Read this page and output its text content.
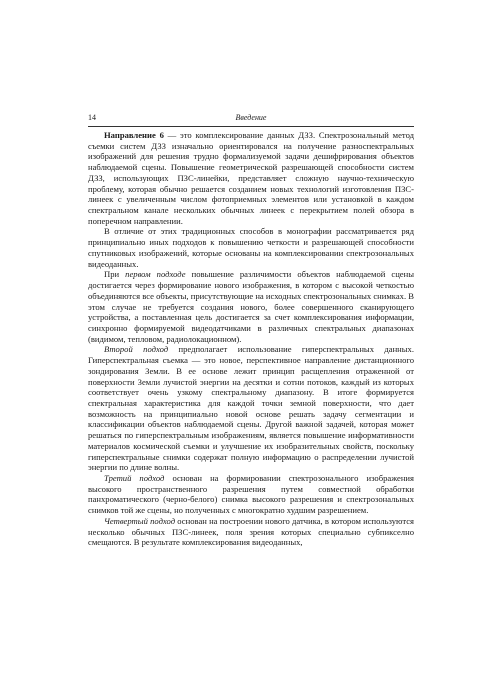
14	Введение

Направление 6 — это комплексирование данных ДЗЗ. Спектрозональный метод съемки систем ДЗЗ изначально ориентировался на получение разноспектральных изображений для решения трудно формализуемой задачи дешифрирования объектов наблюдаемой сцены. Повышение геометрической разрешающей способности систем ДЗЗ, использующих ПЗС-линейки, представляет сложную научно-техническую проблему, которая обычно решается созданием новых технологий изготовления ПЗС-линеек с увеличенным числом фотоприемных элементов или установкой в каждом спектральном канале нескольких обычных линеек с перекрытием полей обзора в поперечном направлении.

В отличие от этих традиционных способов в монографии рассматривается ряд принципиально иных подходов к повышению четкости и разрешающей способности спутниковых изображений, которые основаны на комплексировании спектрозональных видеоданных.

При первом подходе повышение различимости объектов наблюдаемой сцены достигается через формирование нового изображения, в котором с высокой четкостью объединяются все объекты, присутствующие на исходных спектрозональных снимках. В этом случае не требуется создания нового, более совершенного сканирующего устройства, а поставленная цель достигается за счет комплексирования информации, синхронно формируемой видеодатчиками в различных спектральных диапазонах (видимом, тепловом, радиолокационном).

Второй подход предполагает использование гиперспектральных данных. Гиперспектральная съемка — это новое, перспективное направление дистанционного зондирования Земли. В ее основе лежит принцип расщепления отраженной от поверхности Земли лучистой энергии на десятки и сотни потоков, каждый из которых соответствует очень узкому спектральному диапазону. В итоге формируется спектральная характеристика для каждой точки земной поверхности, что дает возможность на принципиально новой основе решать задачу сегментации и классификации объектов наблюдаемой сцены. Другой важной задачей, которая может решаться по гиперспектральным изображениям, является повышение информативности материалов космической съемки и улучшение их изобразительных свойств, поскольку гиперспектральные снимки содержат полную информацию о распределении лучистой энергии по длине волны.

Третий подход основан на формировании спектрозонального изображения высокого пространственного разрешения путем совместной обработки панхроматического (черно-белого) снимка высокого разрешения и спектрозональных снимков той же сцены, но полученных с многократно худшим разрешением.

Четвертый подход основан на построении нового датчика, в котором используются несколько обычных ПЗС-линеек, поля зрения которых специально субпикселно смещаются. В результате комплексирования видеоданных,
